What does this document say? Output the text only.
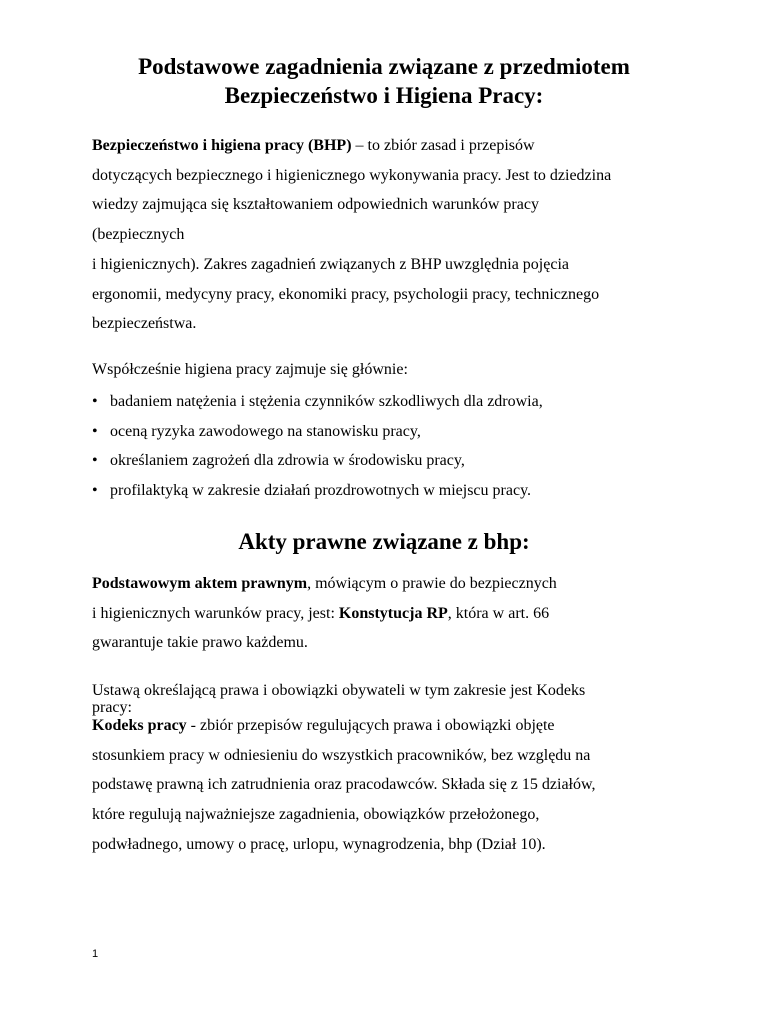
Podstawowe zagadnienia związane z przedmiotem
Bezpieczeństwo i Higiena Pracy:
Bezpieczeństwo i higiena pracy (BHP) – to zbiór zasad i przepisów
dotyczących bezpiecznego i higienicznego wykonywania pracy. Jest to dziedzina
wiedzy zajmująca się kształtowaniem odpowiednich warunków pracy
(bezpiecznych
i higienicznych). Zakres zagadnień związanych z BHP uwzględnia pojęcia
ergonomii, medycyny pracy, ekonomiki pracy, psychologii pracy, technicznego
bezpieczeństwa.

Współcześnie higiena pracy zajmuje się głównie:

• badaniem natężenia i stężenia czynników szkodliwych dla zdrowia,
• oceną ryzyka zawodowego na stanowisku pracy,
• określaniem zagrożeń dla zdrowia w środowisku pracy,
• profilaktyką w zakresie działań prozdrowotnych w miejscu pracy.
Akty prawne związane z bhp:
Podstawowym aktem prawnym, mówiącym o prawie do bezpiecznych
i higienicznych warunków pracy, jest: Konstytucja RP, która w art. 66
gwarantuje takie prawo każdemu.
Ustawą określającą prawa i obowiązki obywateli w tym zakresie jest Kodeks
pracy:
Kodeks pracy - zbiór przepisów regulujących prawa i obowiązki objęte
stosunkiem pracy w odniesieniu do wszystkich pracowników, bez względu na
podstawę prawną ich zatrudnienia oraz pracodawców. Składa się z 15 działów,
które regulują najważniejsze zagadnienia, obowiązków przełożonego,
podwładnego, umowy o pracę, urlopu, wynagrodzenia, bhp (Dział 10).
1
